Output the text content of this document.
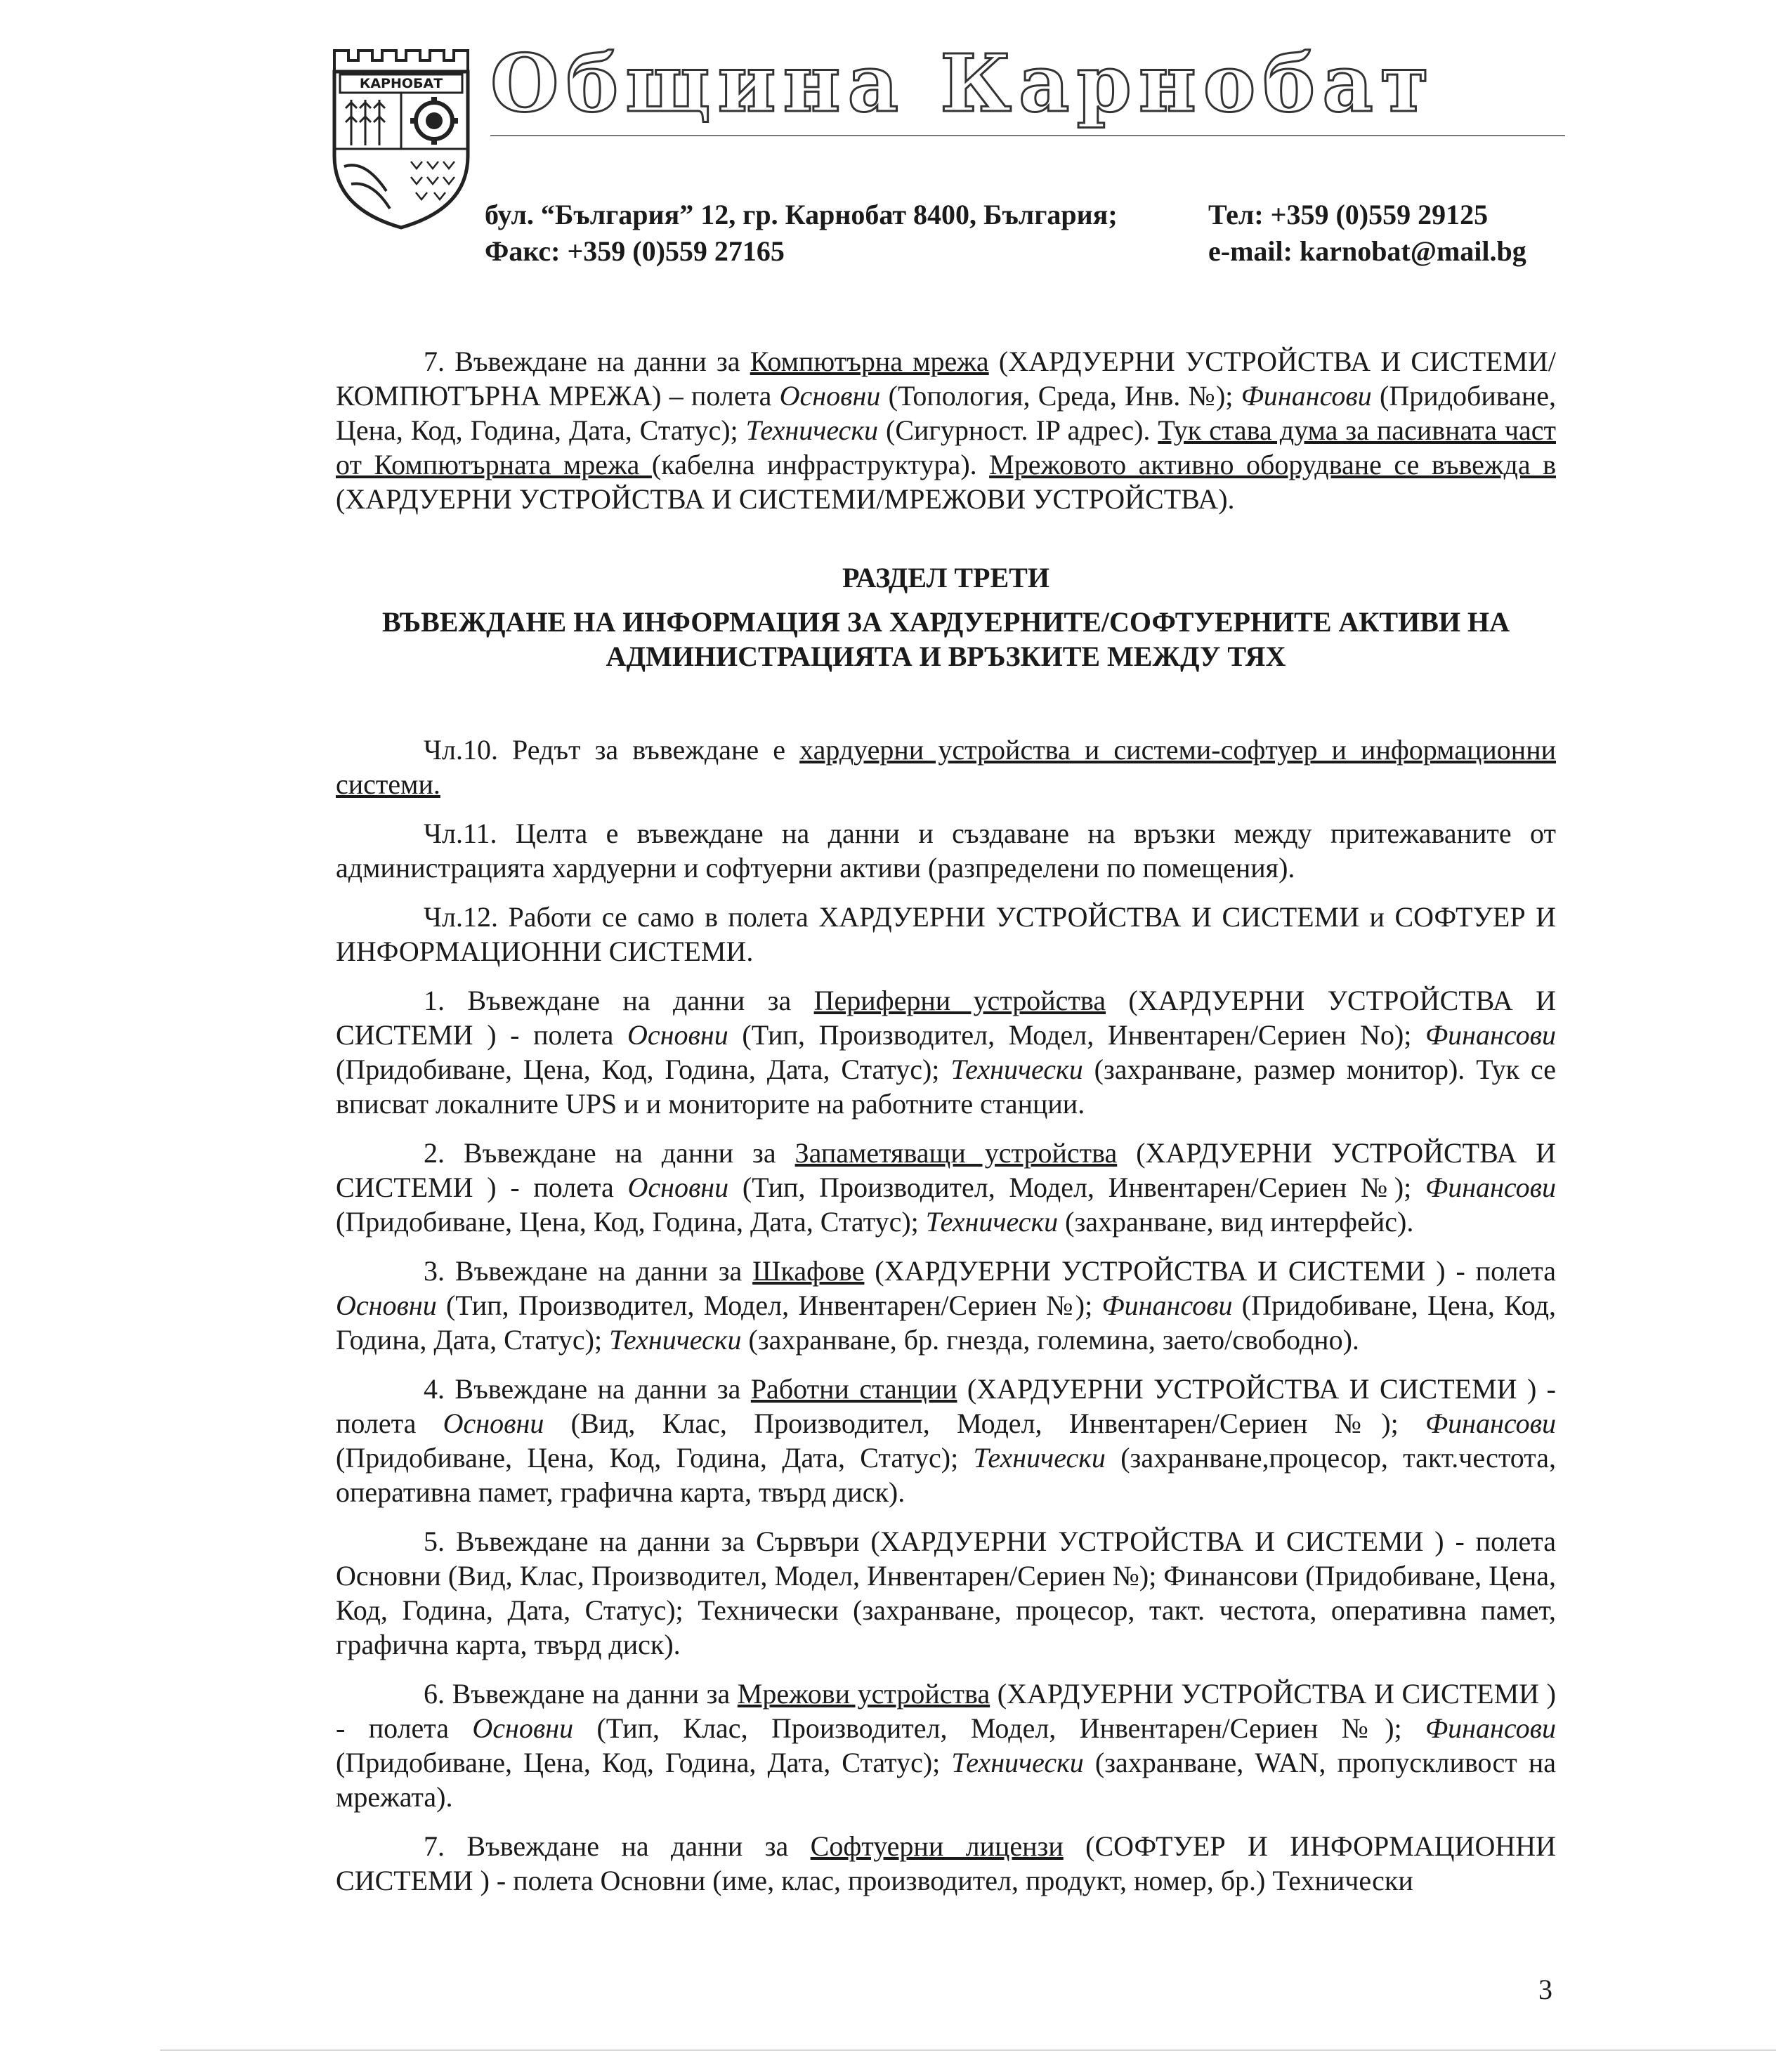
КАРНОБАТ Община Карнобат
бул. “България” 12, гр. Карнобат 8400, България;
Факс: +359 (0)559 27165
Тел: +359 (0)559 29125
e-mail: karnobat@mail.bg

7. Въвеждане на данни за Компютърна мрежа (ХАРДУЕРНИ УСТРОЙСТВА И СИСТЕМИ/КОМПЮТЪРНА МРЕЖА) – полета Основни (Топология, Среда, Инв. №); Финансови (Придобиване, Цена, Код, Година, Дата, Статус); Технически (Сигурност. IP адрес). Тук става дума за пасивната част от Компютърната мрежа (кабелна инфраструктура). Мрежовото активно оборудване се въвежда в (ХАРДУЕРНИ УСТРОЙСТВА И СИСТЕМИ/МРЕЖОВИ УСТРОЙСТВА).

РАЗДЕЛ ТРЕТИ

ВЪВЕЖДАНЕ НА ИНФОРМАЦИЯ ЗА ХАРДУЕРНИТЕ/СОФТУЕРНИТЕ АКТИВИ НА АДМИНИСТРАЦИЯТА И ВРЪЗКИТЕ МЕЖДУ ТЯХ

Чл.10. Редът за въвеждане е хардуерни устройства и системи-софтуер и информационни системи.

Чл.11. Целта е въвеждане на данни и създаване на връзки между притежаваните от администрацията хардуерни и софтуерни активи (разпределени по помещения).

Чл.12. Работи се само в полета ХАРДУЕРНИ УСТРОЙСТВА И СИСТЕМИ и СОФТУЕР И ИНФОРМАЦИОННИ СИСТЕМИ.

1. Въвеждане на данни за Периферни устройства (ХАРДУЕРНИ УСТРОЙСТВА И СИСТЕМИ ) - полета Основни (Тип, Производител, Модел, Инвентарен/Сериен No); Финансови (Придобиване, Цена, Код, Година, Дата, Статус); Технически (захранване, размер монитор). Тук се вписват локалните UPS и и мониторите на работните станции.

2. Въвеждане на данни за Запаметяващи устройства (ХАРДУЕРНИ УСТРОЙСТВА И СИСТЕМИ ) - полета Основни (Тип, Производител, Модел, Инвентарен/Сериен №); Финансови (Придобиване, Цена, Код, Година, Дата, Статус); Технически (захранване, вид интерфейс).

3. Въвеждане на данни за Шкафове (ХАРДУЕРНИ УСТРОЙСТВА И СИСТЕМИ ) - полета Основни (Тип, Производител, Модел, Инвентарен/Сериен №); Финансови (Придобиване, Цена, Код, Година, Дата, Статус); Технически (захранване, бр. гнезда, големина, заето/свободно).

4. Въвеждане на данни за Работни станции (ХАРДУЕРНИ УСТРОЙСТВА И СИСТЕМИ ) - полета Основни (Вид, Клас, Производител, Модел, Инвентарен/Сериен №); Финансови (Придобиване, Цена, Код, Година, Дата, Статус); Технически (захранване,процесор, такт.честота, оперативна памет, графична карта, твърд диск).

5. Въвеждане на данни за Сървъри (ХАРДУЕРНИ УСТРОЙСТВА И СИСТЕМИ ) - полета Основни (Вид, Клас, Производител, Модел, Инвентарен/Сериен №); Финансови (Придобиване, Цена, Код, Година, Дата, Статус); Технически (захранване, процесор, такт. честота, оперативна памет, графична карта, твърд диск).

6. Въвеждане на данни за Мрежови устройства (ХАРДУЕРНИ УСТРОЙСТВА И СИСТЕМИ ) - полета Основни (Тип, Клас, Производител, Модел, Инвентарен/Сериен №); Финансови (Придобиване, Цена, Код, Година, Дата, Статус); Технически (захранване, WAN, пропускливост на мрежата).

7. Въвеждане на данни за Софтуерни лицензи (СОФТУЕР И ИНФОРМАЦИОННИ СИСТЕМИ ) - полета Основни (име, клас, производител, продукт, номер, бр.) Технически

3
